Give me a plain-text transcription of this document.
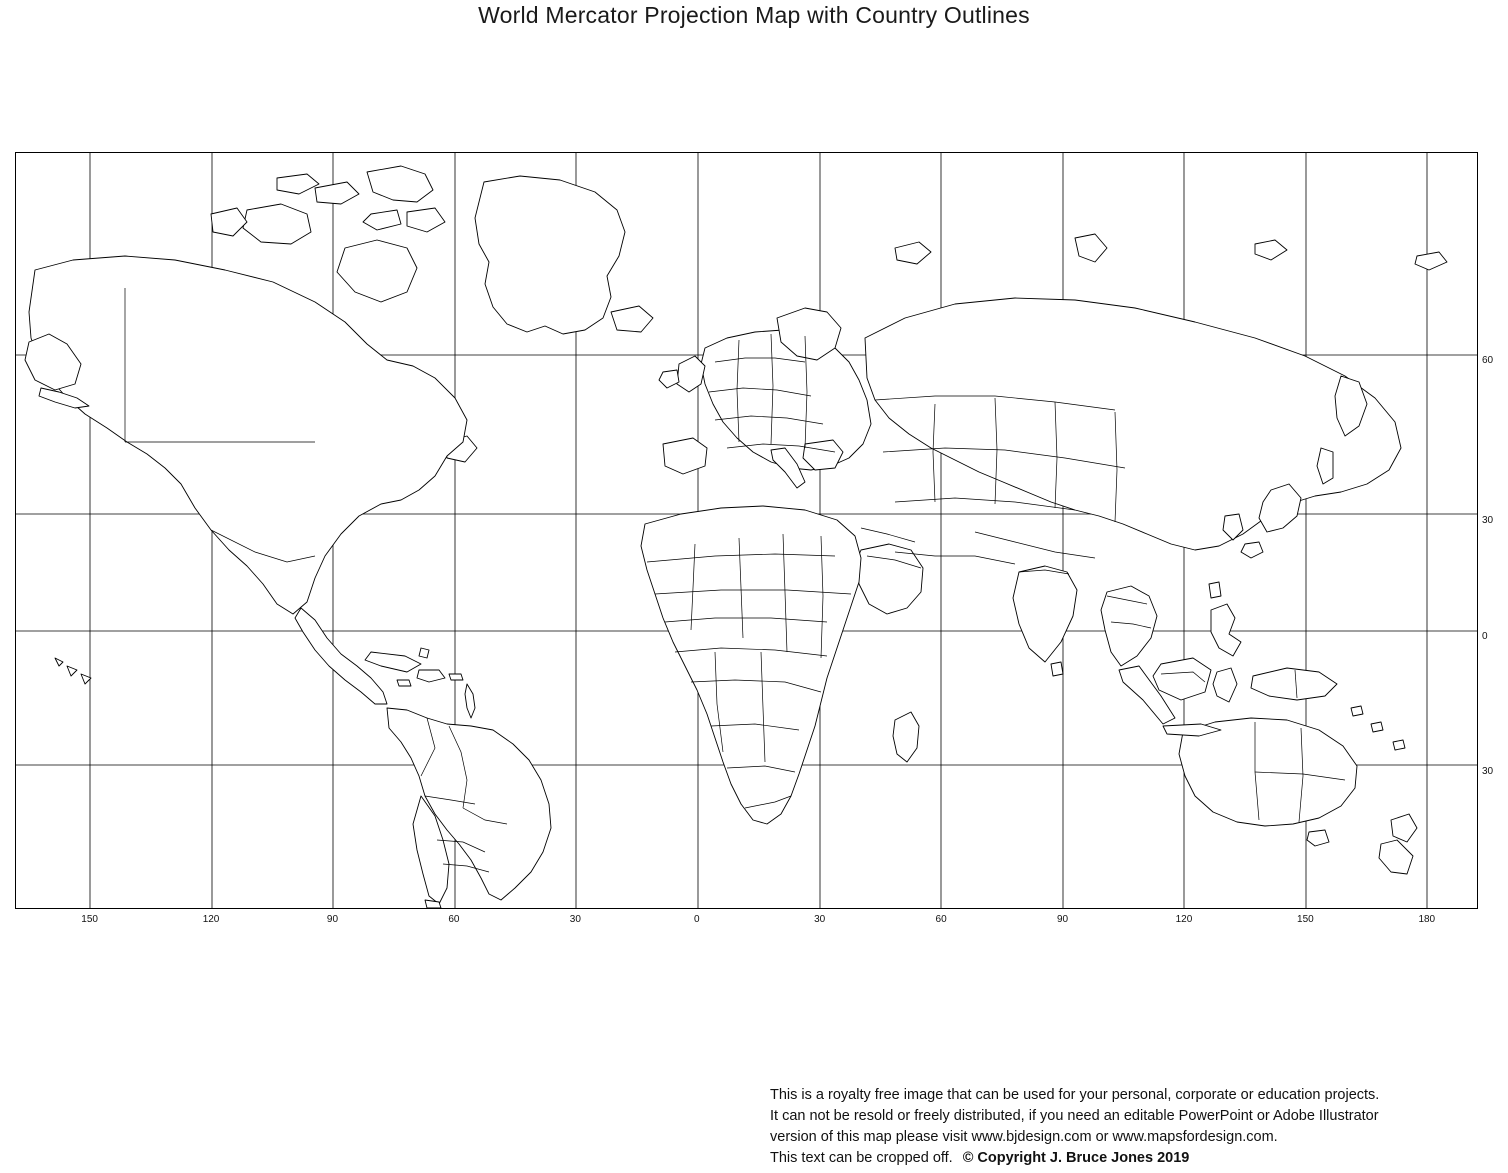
World Mercator Projection Map with Country Outlines
150	120	90	60	30	0	30	60	90	120	150	180
60
30
0
30
This is a royalty free image that can be used for your personal, corporate or education projects.
It can not be resold or freely distributed, if you need an editable PowerPoint or Adobe Illustrator
version of this map please visit www.bjdesign.com or www.mapsfordesign.com.
This text can be cropped off. © Copyright J. Bruce Jones 2019
